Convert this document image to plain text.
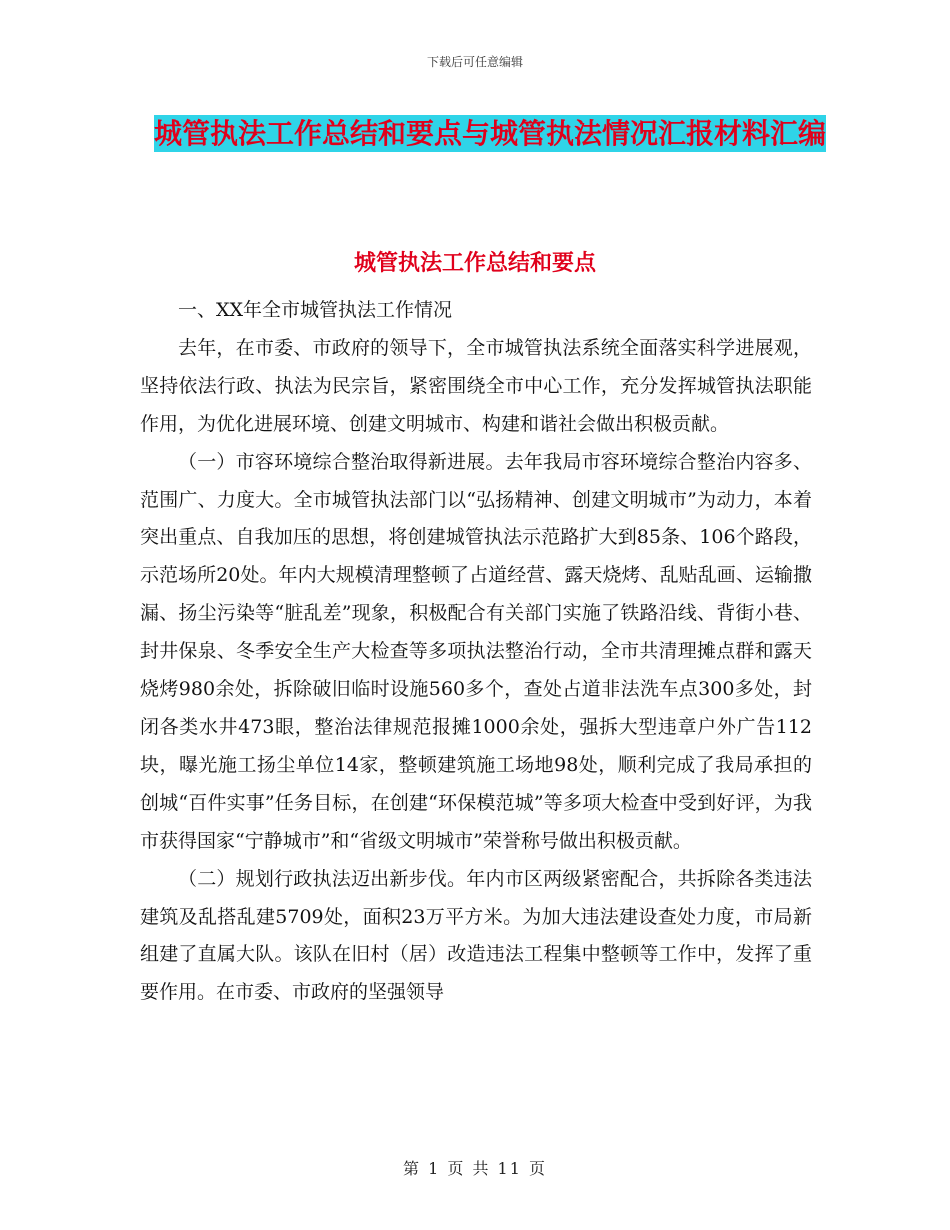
下载后可任意编辑
城管执法工作总结和要点与城管执法情况汇报材料汇编
城管执法工作总结和要点

一、XX年全市城管执法工作情况

去年，在市委、市政府的领导下，全市城管执法系统全面落实科学进展观，坚持依法行政、执法为民宗旨，紧密围绕全市中心工作，充分发挥城管执法职能作用，为优化进展环境、创建文明城市、构建和谐社会做出积极贡献。

（一）市容环境综合整治取得新进展。去年我局市容环境综合整治内容多、范围广、力度大。全市城管执法部门以“弘扬精神、创建文明城市”为动力，本着突出重点、自我加压的思想，将创建城管执法示范路扩大到85条、106个路段，示范场所20处。年内大规模清理整顿了占道经营、露天烧烤、乱贴乱画、运输撒漏、扬尘污染等“脏乱差”现象，积极配合有关部门实施了铁路沿线、背街小巷、封井保泉、冬季安全生产大检查等多项执法整治行动，全市共清理摊点群和露天烧烤980余处，拆除破旧临时设施560多个，查处占道非法洗车点300多处，封闭各类水井473眼，整治法律规范报摊1000余处，强拆大型违章户外广告112块，曝光施工扬尘单位14家，整顿建筑施工场地98处，顺利完成了我局承担的创城“百件实事”任务目标，在创建“环保模范城”等多项大检查中受到好评，为我市获得国家“宁静城市”和“省级文明城市”荣誉称号做出积极贡献。

（二）规划行政执法迈出新步伐。年内市区两级紧密配合，共拆除各类违法建筑及乱搭乱建5709处，面积23万平方米。为加大违法建设查处力度，市局新组建了直属大队。该队在旧村（居）改造违法工程集中整顿等工作中，发挥了重要作用。在市委、市政府的坚强领导

第 1 页 共 11 页
